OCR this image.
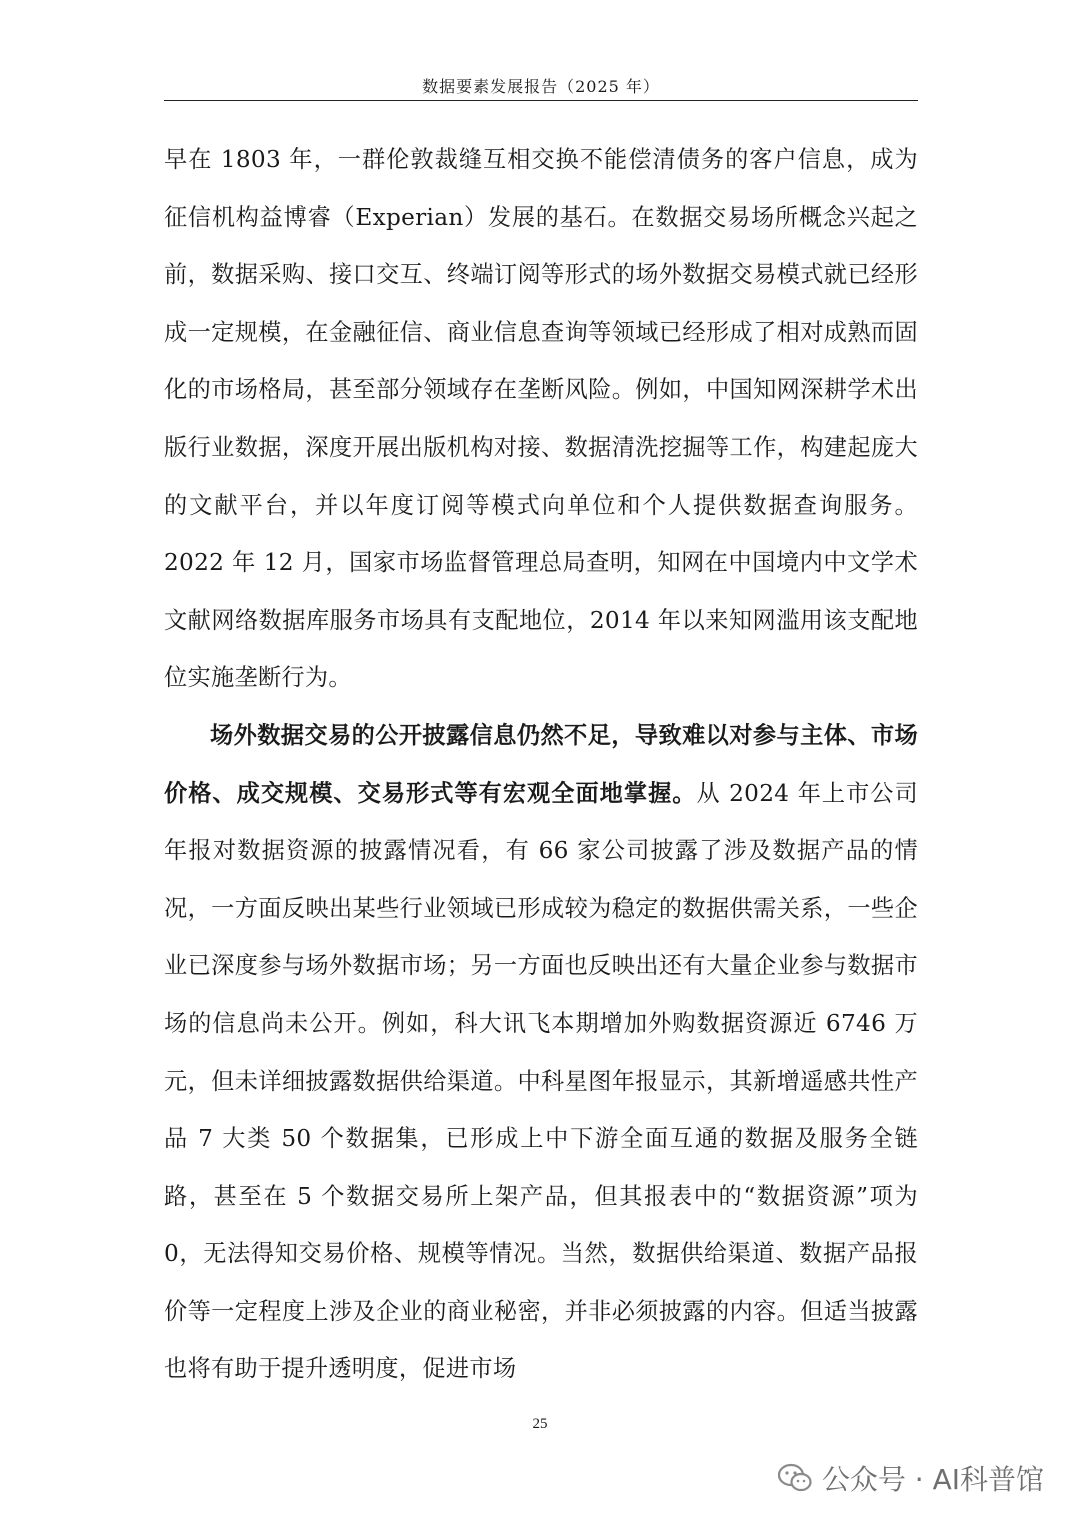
数据要素发展报告（2025 年）

早在 1803 年，一群伦敦裁缝互相交换不能偿清债务的客户信息，成为征信机构益博睿（Experian）发展的基石。在数据交易场所概念兴起之前，数据采购、接口交互、终端订阅等形式的场外数据交易模式就已经形成一定规模，在金融征信、商业信息查询等领域已经形成了相对成熟而固化的市场格局，甚至部分领域存在垄断风险。例如，中国知网深耕学术出版行业数据，深度开展出版机构对接、数据清洗挖掘等工作，构建起庞大的文献平台，并以年度订阅等模式向单位和个人提供数据查询服务。2022 年 12 月，国家市场监督管理总局查明，知网在中国境内中文学术文献网络数据库服务市场具有支配地位，2014 年以来知网滥用该支配地位实施垄断行为。

场外数据交易的公开披露信息仍然不足，导致难以对参与主体、市场价格、成交规模、交易形式等有宏观全面地掌握。从 2024 年上市公司年报对数据资源的披露情况看，有 66 家公司披露了涉及数据产品的情况，一方面反映出某些行业领域已形成较为稳定的数据供需关系，一些企业已深度参与场外数据市场；另一方面也反映出还有大量企业参与数据市场的信息尚未公开。例如，科大讯飞本期增加外购数据资源近 6746 万元，但未详细披露数据供给渠道。中科星图年报显示，其新增遥感共性产品 7 大类 50 个数据集，已形成上中下游全面互通的数据及服务全链路，甚至在 5 个数据交易所上架产品，但其报表中的“数据资源”项为 0，无法得知交易价格、规模等情况。当然，数据供给渠道、数据产品报价等一定程度上涉及企业的商业秘密，并非必须披露的内容。但适当披露也将有助于提升透明度，促进市场

25
公众号 · AI科普馆
